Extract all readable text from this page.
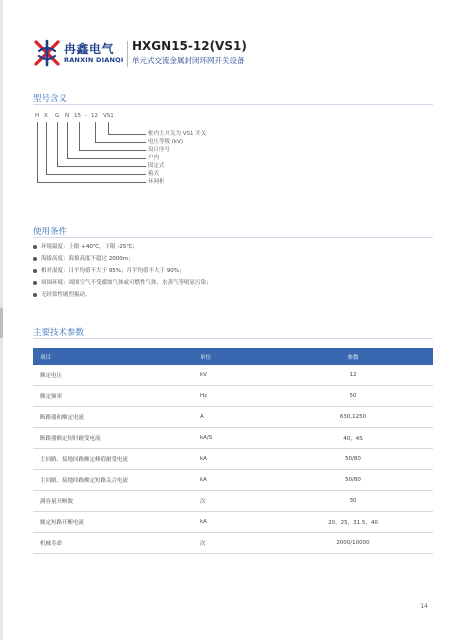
冉鑫电气
RANXIN DIANQI
HXGN15-12(VS1)
单元式交流金属封闭环网开关设备
型号含义
H X G N 15 - 12 VS1
框内主开关为 VS1 开关
电压等级 (kV)
设计序号
户内
固定式
箱式
环网柜
使用条件
环境温度：上限 +40℃，下限 -25℃；
海拔高度：海拔高度不超过 2000m；
相对湿度：日平均值不大于 95%；月平均值不大于 90%；
周围环境：周围空气不受腐蚀气体或可燃性气体、水蒸气等明显污染；
无经常性剧烈振动。
主要技术参数
项目	单位	参数
额定电压	kV	12
额定频率	Hz	50
断路器和额定电流	A	630,1250
断路器额定短时耐受电流	kA/S	40，4S
主回路、接地回路额定峰值耐受电流	kA	50/80
主回路、接地回路额定短路关合电流	kA	50/80
满容量开断数	次	30
额定短路开断电流	kA	20，25，31.5，40
机械寿命	次	2000/10000
14
